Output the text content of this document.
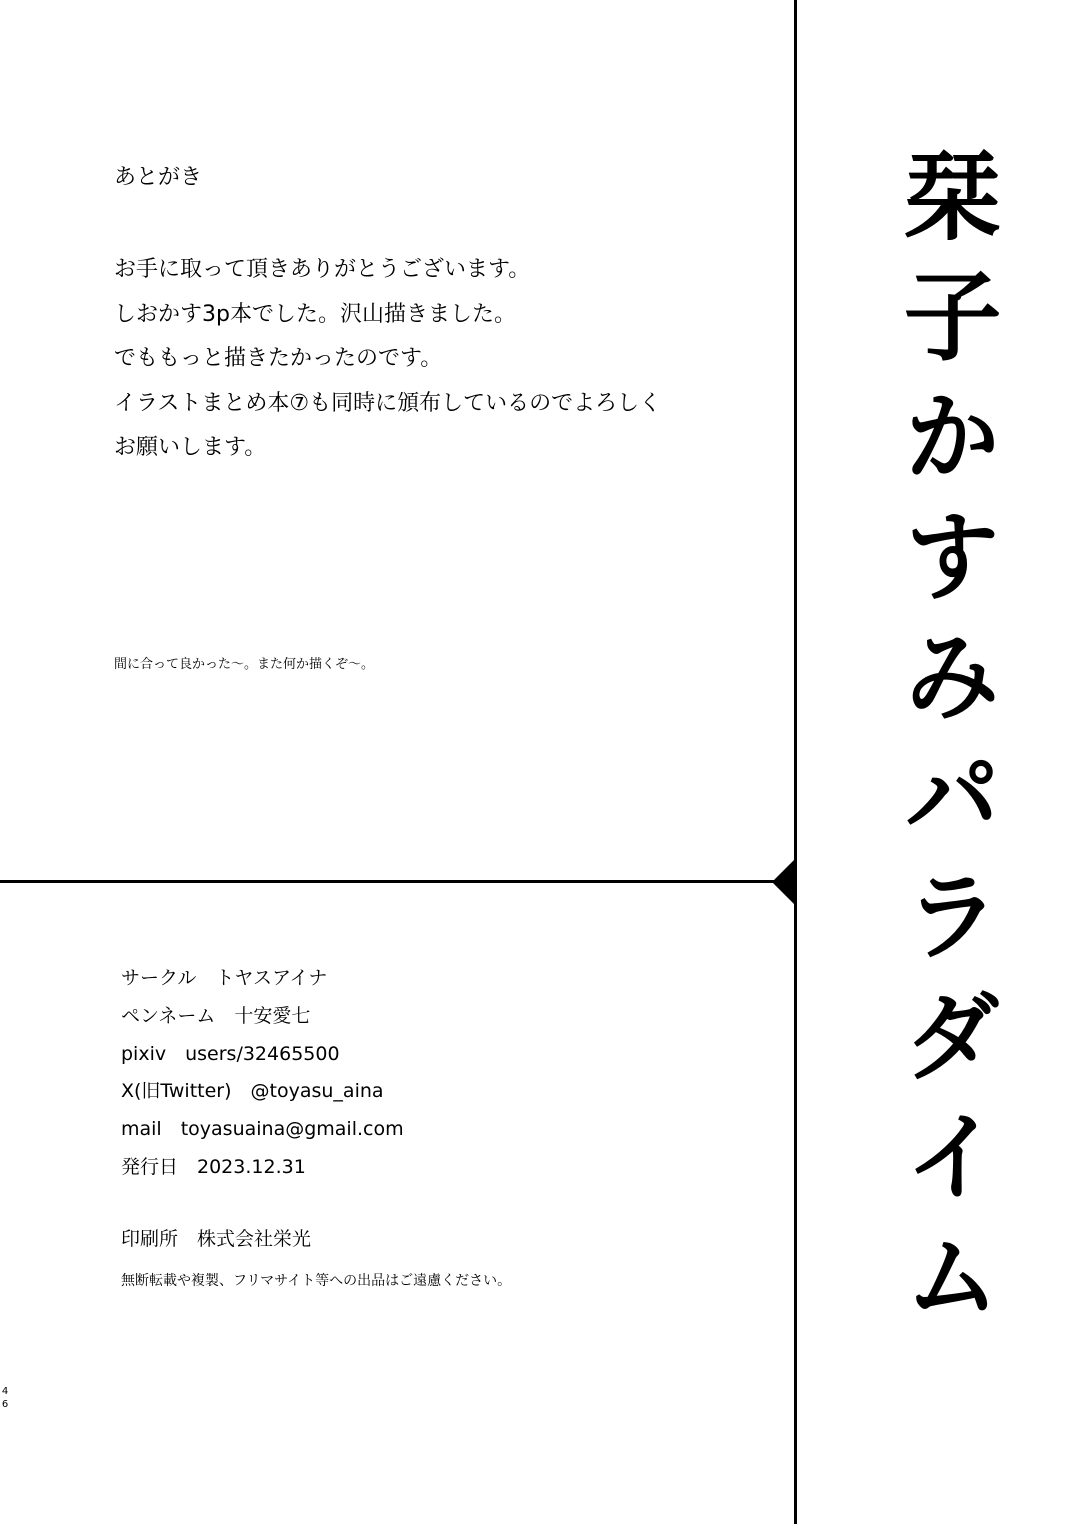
あとがき
お手に取って頂きありがとうございます。
しおかす3p本でした。沢山描きました。
でももっと描きたかったのです。
イラストまとめ本⑦も同時に頒布しているのでよろしく
お願いします。
間に合って良かった～。また何か描くぞ～。
サークル　トヤスアイナ
ペンネーム　十安愛七
pixiv　users/32465500
X(旧Twitter)　@toyasu_aina
mail　toyasuaina@gmail.com
発行日　2023.12.31
印刷所　株式会社栄光
無断転載や複製、フリマサイト等への出品はご遠慮ください。
4
6
栞子かすみパラダイム
